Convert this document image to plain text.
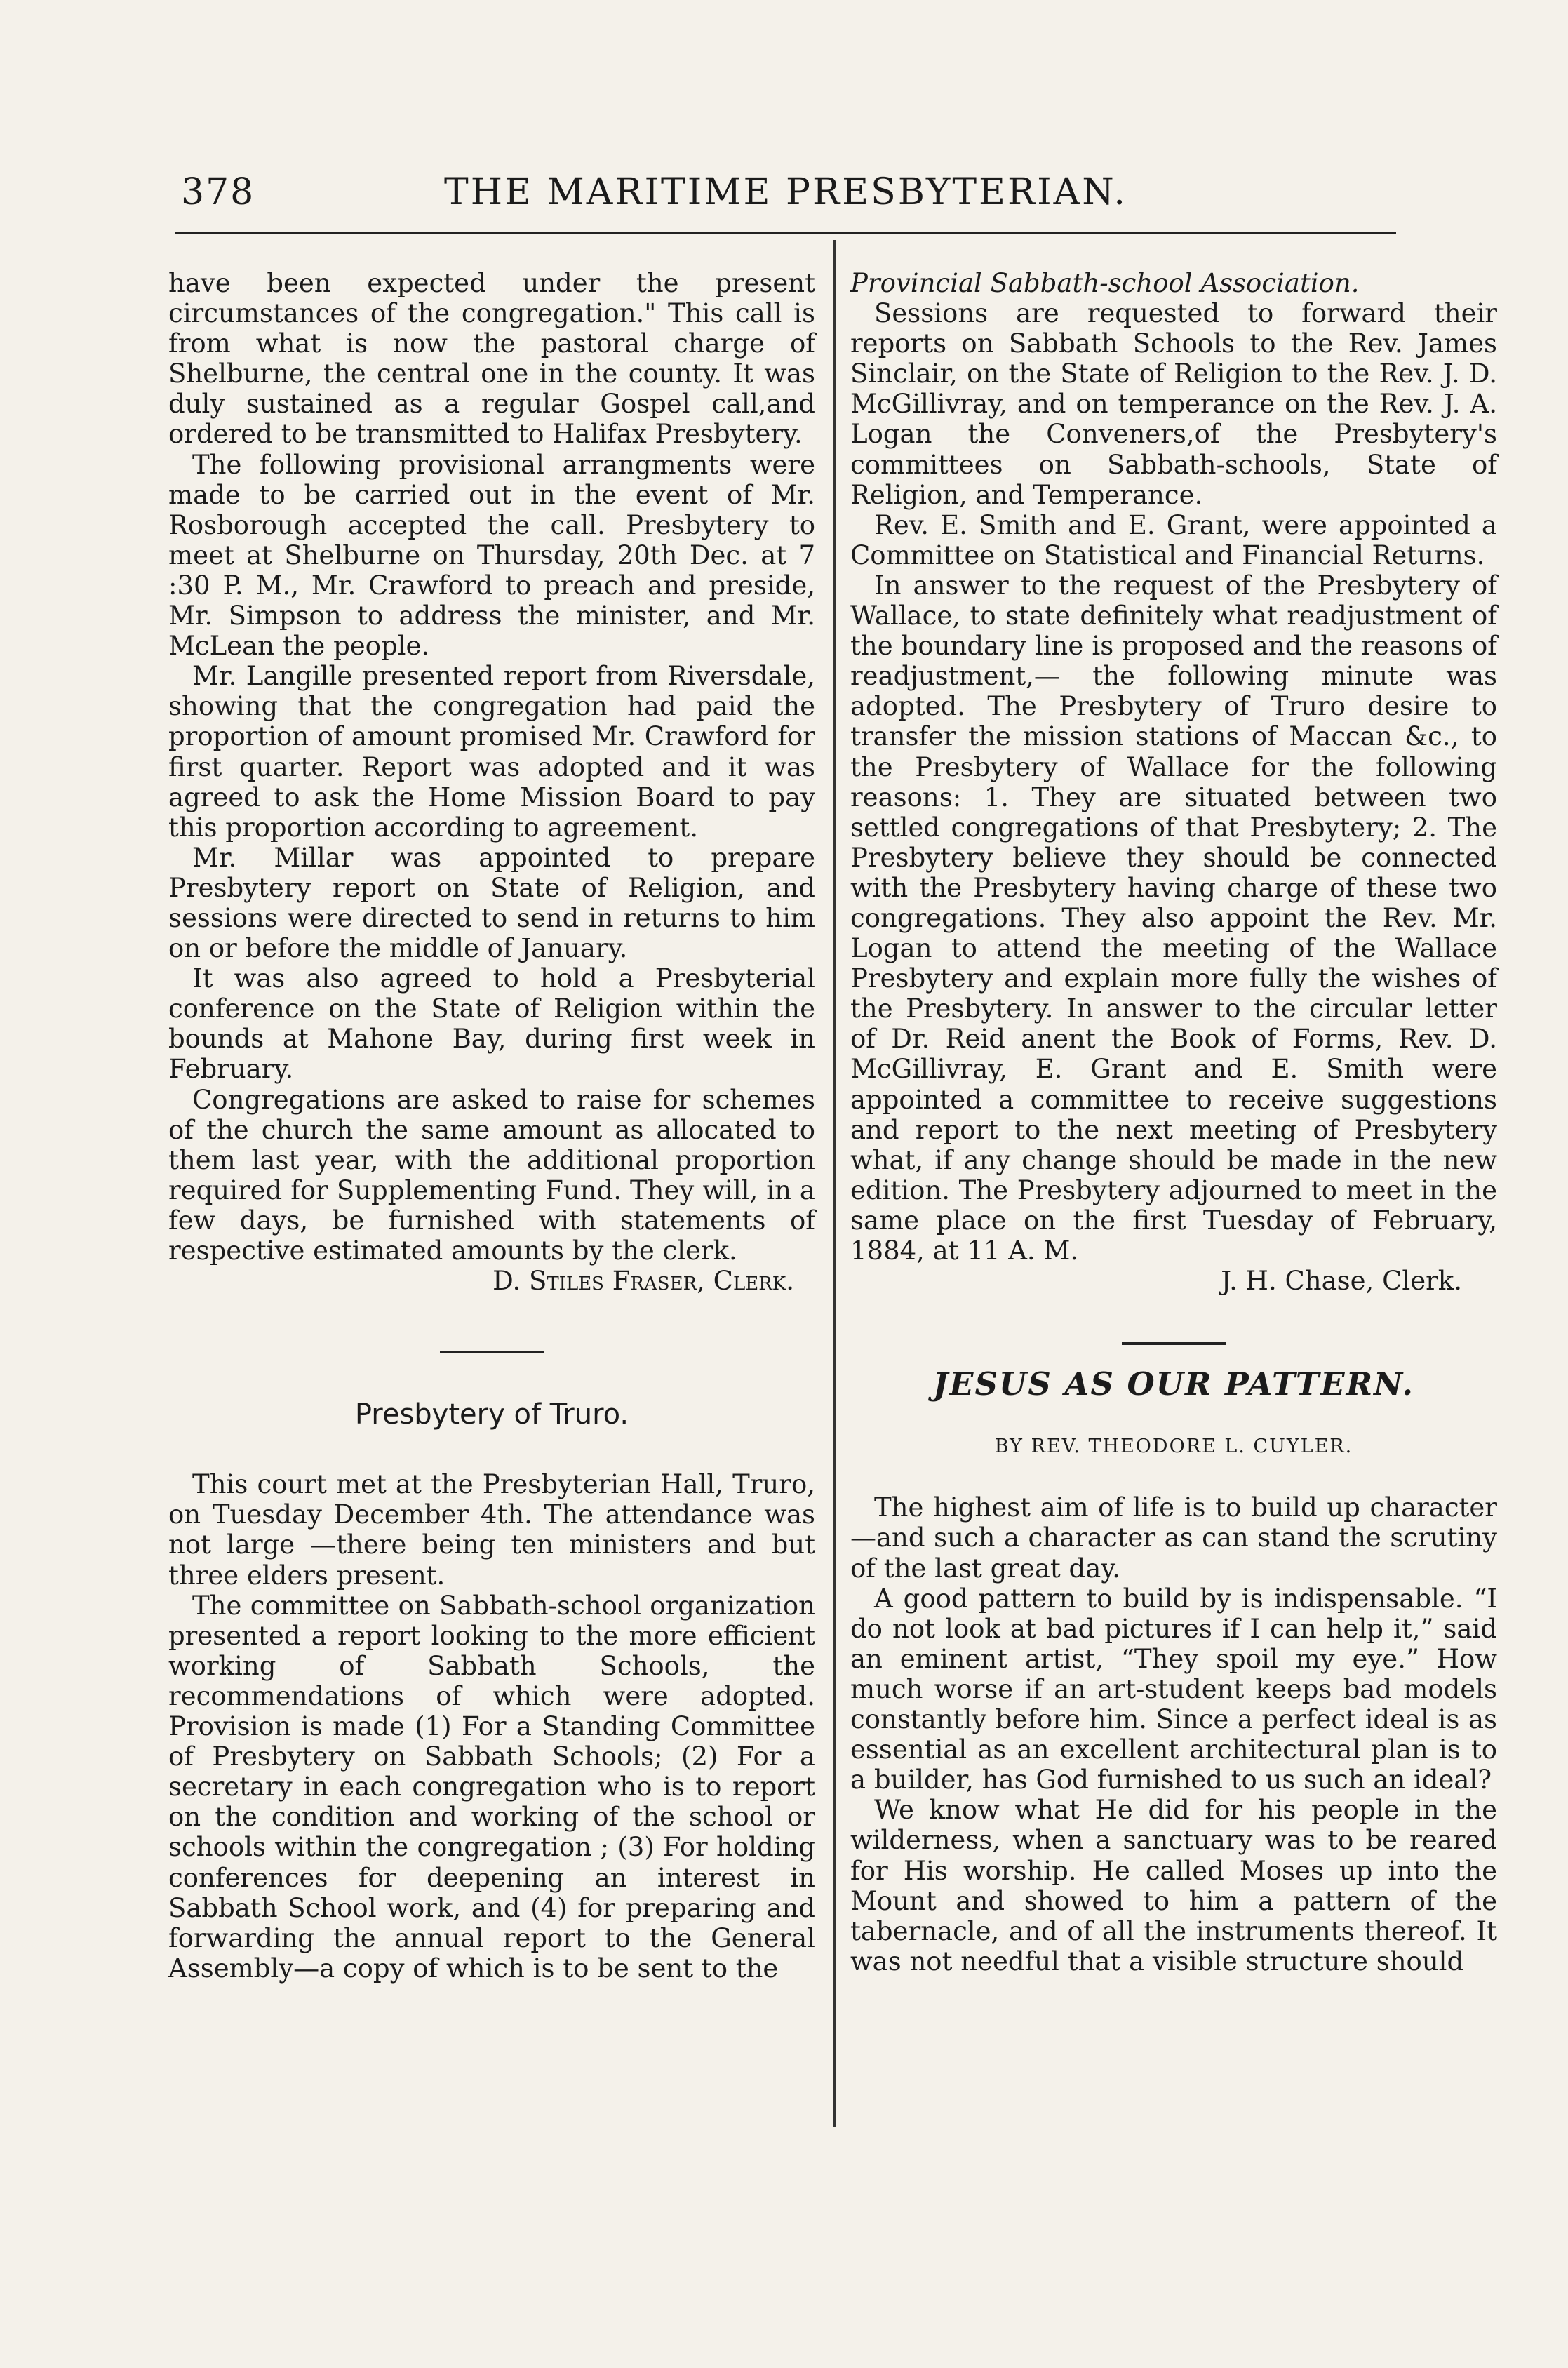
378	THE MARITIME PRESBYTERIAN.

have been expected under the present circumstances of the congregation." This call is from what is now the pastoral charge of Shelburne, the central one in the county. It was duly sustained as a regular Gospel call,and ordered to be transmitted to Halifax Presbytery.

The following provisional arrangments were made to be carried out in the event of Mr. Rosborough accepted the call. Presbytery to meet at Shelburne on Thursday, 20th Dec. at 7 :30 P. M., Mr. Crawford to preach and preside, Mr. Simpson to address the minister, and Mr. McLean the people.

Mr. Langille presented report from Riversdale, showing that the congregation had paid the proportion of amount promised Mr. Crawford for first quarter. Report was adopted and it was agreed to ask the Home Mission Board to pay this proportion according to agreement.

Mr. Millar was appointed to prepare Presbytery report on State of Religion, and sessions were directed to send in returns to him on or before the middle of January.

It was also agreed to hold a Presbyterial conference on the State of Religion within the bounds at Mahone Bay, during first week in February.

Congregations are asked to raise for schemes of the church the same amount as allocated to them last year, with the additional proportion required for Supplementing Fund. They will, in a few days, be furnished with statements of respective estimated amounts by the clerk.

D. Stiles Fraser, Clerk.

Presbytery of Truro.

This court met at the Presbyterian Hall, Truro, on Tuesday December 4th. The attendance was not large —there being ten ministers and but three elders present.

The committee on Sabbath-school organization presented a report looking to the more efficient working of Sabbath Schools, the recommendations of which were adopted. Provision is made (1) For a Standing Committee of Presbytery on Sabbath Schools; (2) For a secretary in each congregation who is to report on the condition and working of the school or schools within the congregation ; (3) For holding conferences for deepening an interest in Sabbath School work, and (4) for preparing and forwarding the annual report to the General Assembly—a copy of which is to be sent to the

Provincial Sabbath-school Association.

Sessions are requested to forward their reports on Sabbath Schools to the Rev. James Sinclair, on the State of Religion to the Rev. J. D. McGillivray, and on temperance on the Rev. J. A. Logan the Conveners,of the Presbytery's committees on Sabbath-schools, State of Religion, and Temperance.

Rev. E. Smith and E. Grant, were appointed a Committee on Statistical and Financial Returns.

In answer to the request of the Presbytery of Wallace, to state definitely what readjustment of the boundary line is proposed and the reasons of readjustment,— the following minute was adopted. The Presbytery of Truro desire to transfer the mission stations of Maccan &c., to the Presbytery of Wallace for the following reasons: 1. They are situated between two settled congregations of that Presbytery; 2. The Presbytery believe they should be connected with the Presbytery having charge of these two congregations. They also appoint the Rev. Mr. Logan to attend the meeting of the Wallace Presbytery and explain more fully the wishes of the Presbytery. In answer to the circular letter of Dr. Reid anent the Book of Forms, Rev. D. McGillivray, E. Grant and E. Smith were appointed a committee to receive suggestions and report to the next meeting of Presbytery what, if any change should be made in the new edition. The Presbytery adjourned to meet in the same place on the first Tuesday of February, 1884, at 11 A. M.

J. H. Chase, Clerk.

JESUS AS OUR PATTERN.
BY REV. THEODORE L. CUYLER.

The highest aim of life is to build up character—and such a character as can stand the scrutiny of the last great day.

A good pattern to build by is indispensable. “I do not look at bad pictures if I can help it,” said an eminent artist, “They spoil my eye.” How much worse if an art-student keeps bad models constantly before him. Since a perfect ideal is as essential as an excellent architectural plan is to a builder, has God furnished to us such an ideal?

We know what He did for his people in the wilderness, when a sanctuary was to be reared for His worship. He called Moses up into the Mount and showed to him a pattern of the tabernacle, and of all the instruments thereof. It was not needful that a visible structure should
